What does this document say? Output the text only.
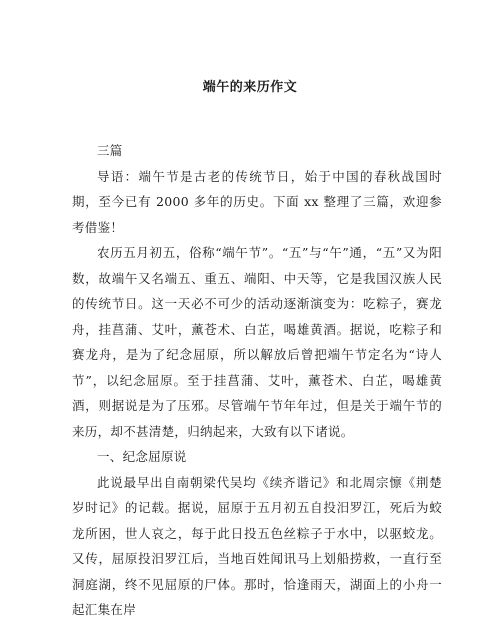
端午的来历作文

三篇

导语：端午节是古老的传统节日，始于中国的春秋战国时期，至今已有 2000 多年的历史。下面 xx 整理了三篇，欢迎参考借鉴！

农历五月初五，俗称“端午节”。“五”与“午”通，“五”又为阳数，故端午又名端五、重五、端阳、中天等，它是我国汉族人民的传统节日。这一天必不可少的活动逐渐演变为：吃粽子，赛龙舟，挂菖蒲、艾叶，薰苍术、白芷，喝雄黄酒。据说，吃粽子和赛龙舟，是为了纪念屈原，所以解放后曾把端午节定名为“诗人节”，以纪念屈原。至于挂菖蒲、艾叶，薰苍术、白芷，喝雄黄酒，则据说是为了压邪。尽管端午节年年过，但是关于端午节的来历，却不甚清楚，归纳起来，大致有以下诸说。

一、纪念屈原说

此说最早出自南朝梁代吴均《续齐谐记》和北周宗懔《荆楚岁时记》的记载。据说，屈原于五月初五自投汨罗江，死后为蛟龙所困，世人哀之，每于此日投五色丝粽子于水中，以驱蛟龙。又传，屈原投汨罗江后，当地百姓闻讯马上划船捞救，一直行至洞庭湖，终不见屈原的尸体。那时，恰逢雨天，湖面上的小舟一起汇集在岸
